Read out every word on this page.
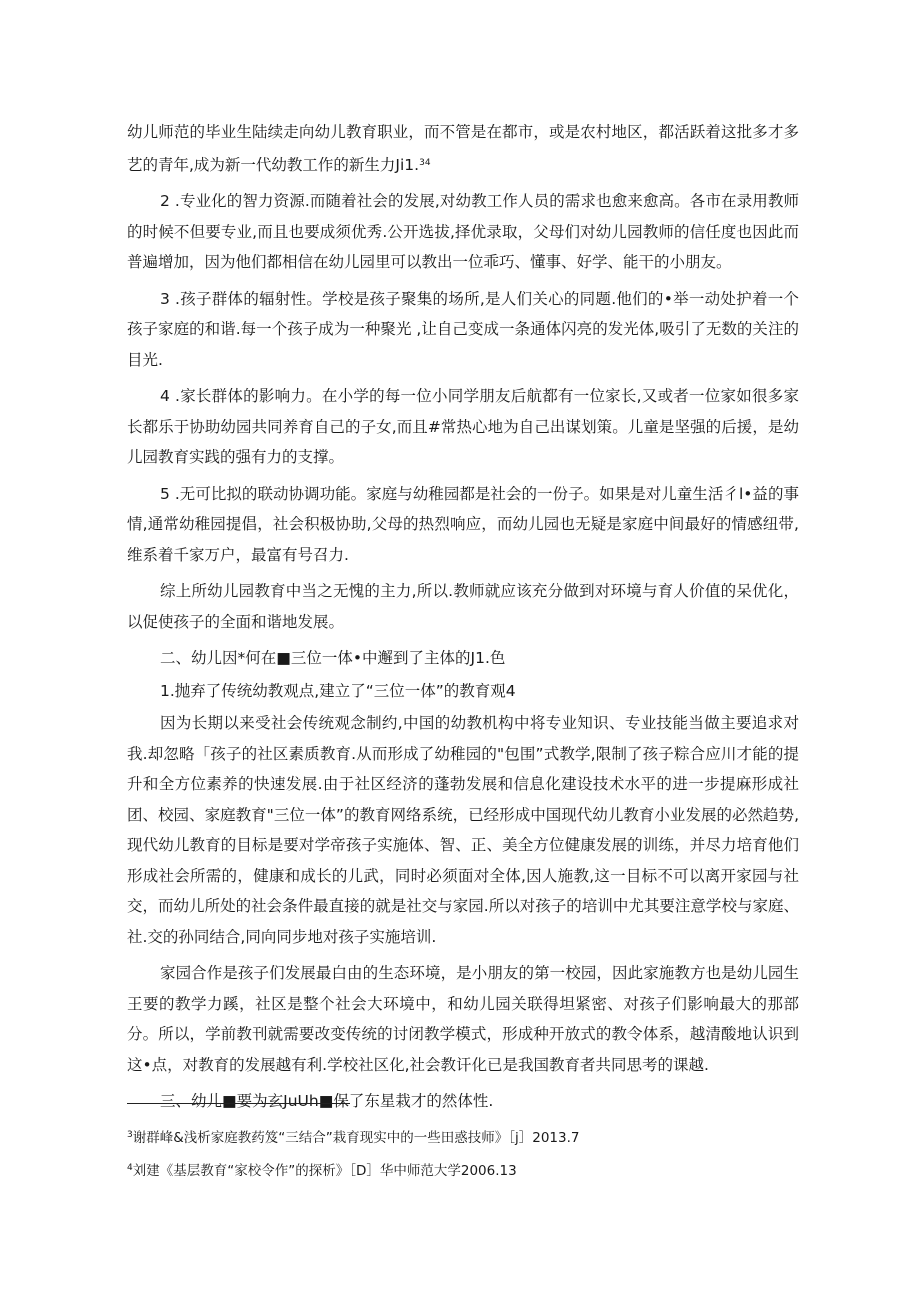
幼儿师范的毕业生陆续走向幼儿教育职业，而不管是在都市，或是农村地区，都活跃着这批多才多艺的青年,成为新一代幼教工作的新生力Ji1.34

2 .专业化的智力资源.而随着社会的发展,对幼教工作人员的需求也愈来愈高。各市在录用教师的时候不但要专业,而且也要成须优秀.公开选拔,择优录取，父母们对幼儿园教师的信任度也因此而普遍增加，因为他们都相信在幼儿园里可以教出一位乖巧、懂事、好学、能干的小朋友。

3 .孩子群体的辐射性。学校是孩子聚集的场所,是人们关心的同题.他们的•举一动处护着一个孩子家庭的和谐.每一个孩子成为一种聚光 ,让自己变成一条通体闪亮的发光体,吸引了无数的关注的目光.

4 .家长群体的影响力。在小学的每一位小同学朋友后航都有一位家长,又或者一位家如很多家长都乐于协助幼园共同养育自己的子女,而且#常热心地为自己出谋划策。儿童是坚强的后援，是幼儿园教育实践的强有力的支撑。

5 .无可比拟的联动协调功能。家庭与幼稚园都是社会的一份子。如果是对儿童生活彳l•益的事情,通常幼稚园提倡，社会积极协助,父母的热烈响应，而幼儿园也无疑是家庭中间最好的情感纽带,维系着千家万户，最富有号召力.

综上所幼儿园教育中当之无愧的主力,所以.教师就应该充分做到对环境与育人价值的呆优化，以促使孩子的全面和谐地发展。

二、幼儿因*何在■三位一体•中邂到了主体的J1.色

1.抛弃了传统幼教观点,建立了“三位一体”的教育观4

因为长期以来受社会传统观念制约,中国的幼教机构中将专业知识、专业技能当做主要追求对我.却忽略「孩子的社区素质教育.从而形成了幼稚园的"包围”式教学,限制了孩子粽合应川才能的提升和全方位素养的快速发展.由于社区经济的蓬勃发展和信息化建设技术水平的进一步提麻形成社团、校园、家庭教育"三位一体”的教育网络系统，已经形成中国现代幼儿教育小业发展的必然趋势,现代幼儿教育的目标是要对学帝孩子实施体、智、正、美全方位健康发展的训练，并尽力培育他们形成社会所需的，健康和成长的儿武，同时必须面对全体,因人施教,这一目标不可以离开家园与社交，而幼儿所处的社会条件最直接的就是社交与家园.所以对孩子的培训中尤其要注意学校与家庭、社.交的孙同结合,同向同步地对孩子实施培训.

家园合作是孩子们发展最白由的生态环境，是小朋友的第一校园，因此家施教方也是幼儿园生王要的教学力蹊，社区是整个社会大环境中，和幼儿园关联得坦紧密、对孩子们影响最大的那部分。所以，学前教刊就需要改变传统的讨闭教学模式，形成种开放式的教令体系，越清酸地认识到这•点，对教育的发展越有利.学校社区化,社会教讦化已是我国教育者共同思考的课越.

三、幼儿■要为玄JuUh■保了东星栽才的然体性.

$^3$谢群峰&浅析家庭教药笈“三结合”栽育现实中的一些田惑技师》［j］2013.7

$^4$刘建《基层教育“家校令作”的探析》［D］华中师范大学2006.13
